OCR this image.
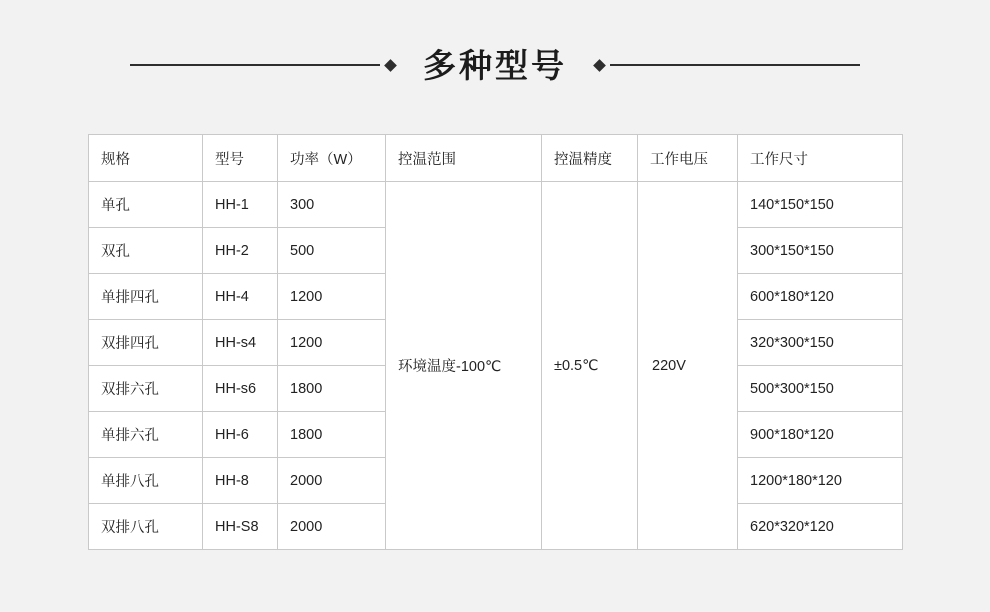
多种型号
规格	型号	功率（W）	控温范围	控温精度	工作电压	工作尺寸
单孔	HH-1	300	环境温度-100℃	±0.5℃	220V	140*150*150
双孔	HH-2	500				300*150*150
单排四孔	HH-4	1200				600*180*120
双排四孔	HH-s4	1200				320*300*150
双排六孔	HH-s6	1800				500*300*150
单排六孔	HH-6	1800				900*180*120
单排八孔	HH-8	2000				1200*180*120
双排八孔	HH-S8	2000				620*320*120
